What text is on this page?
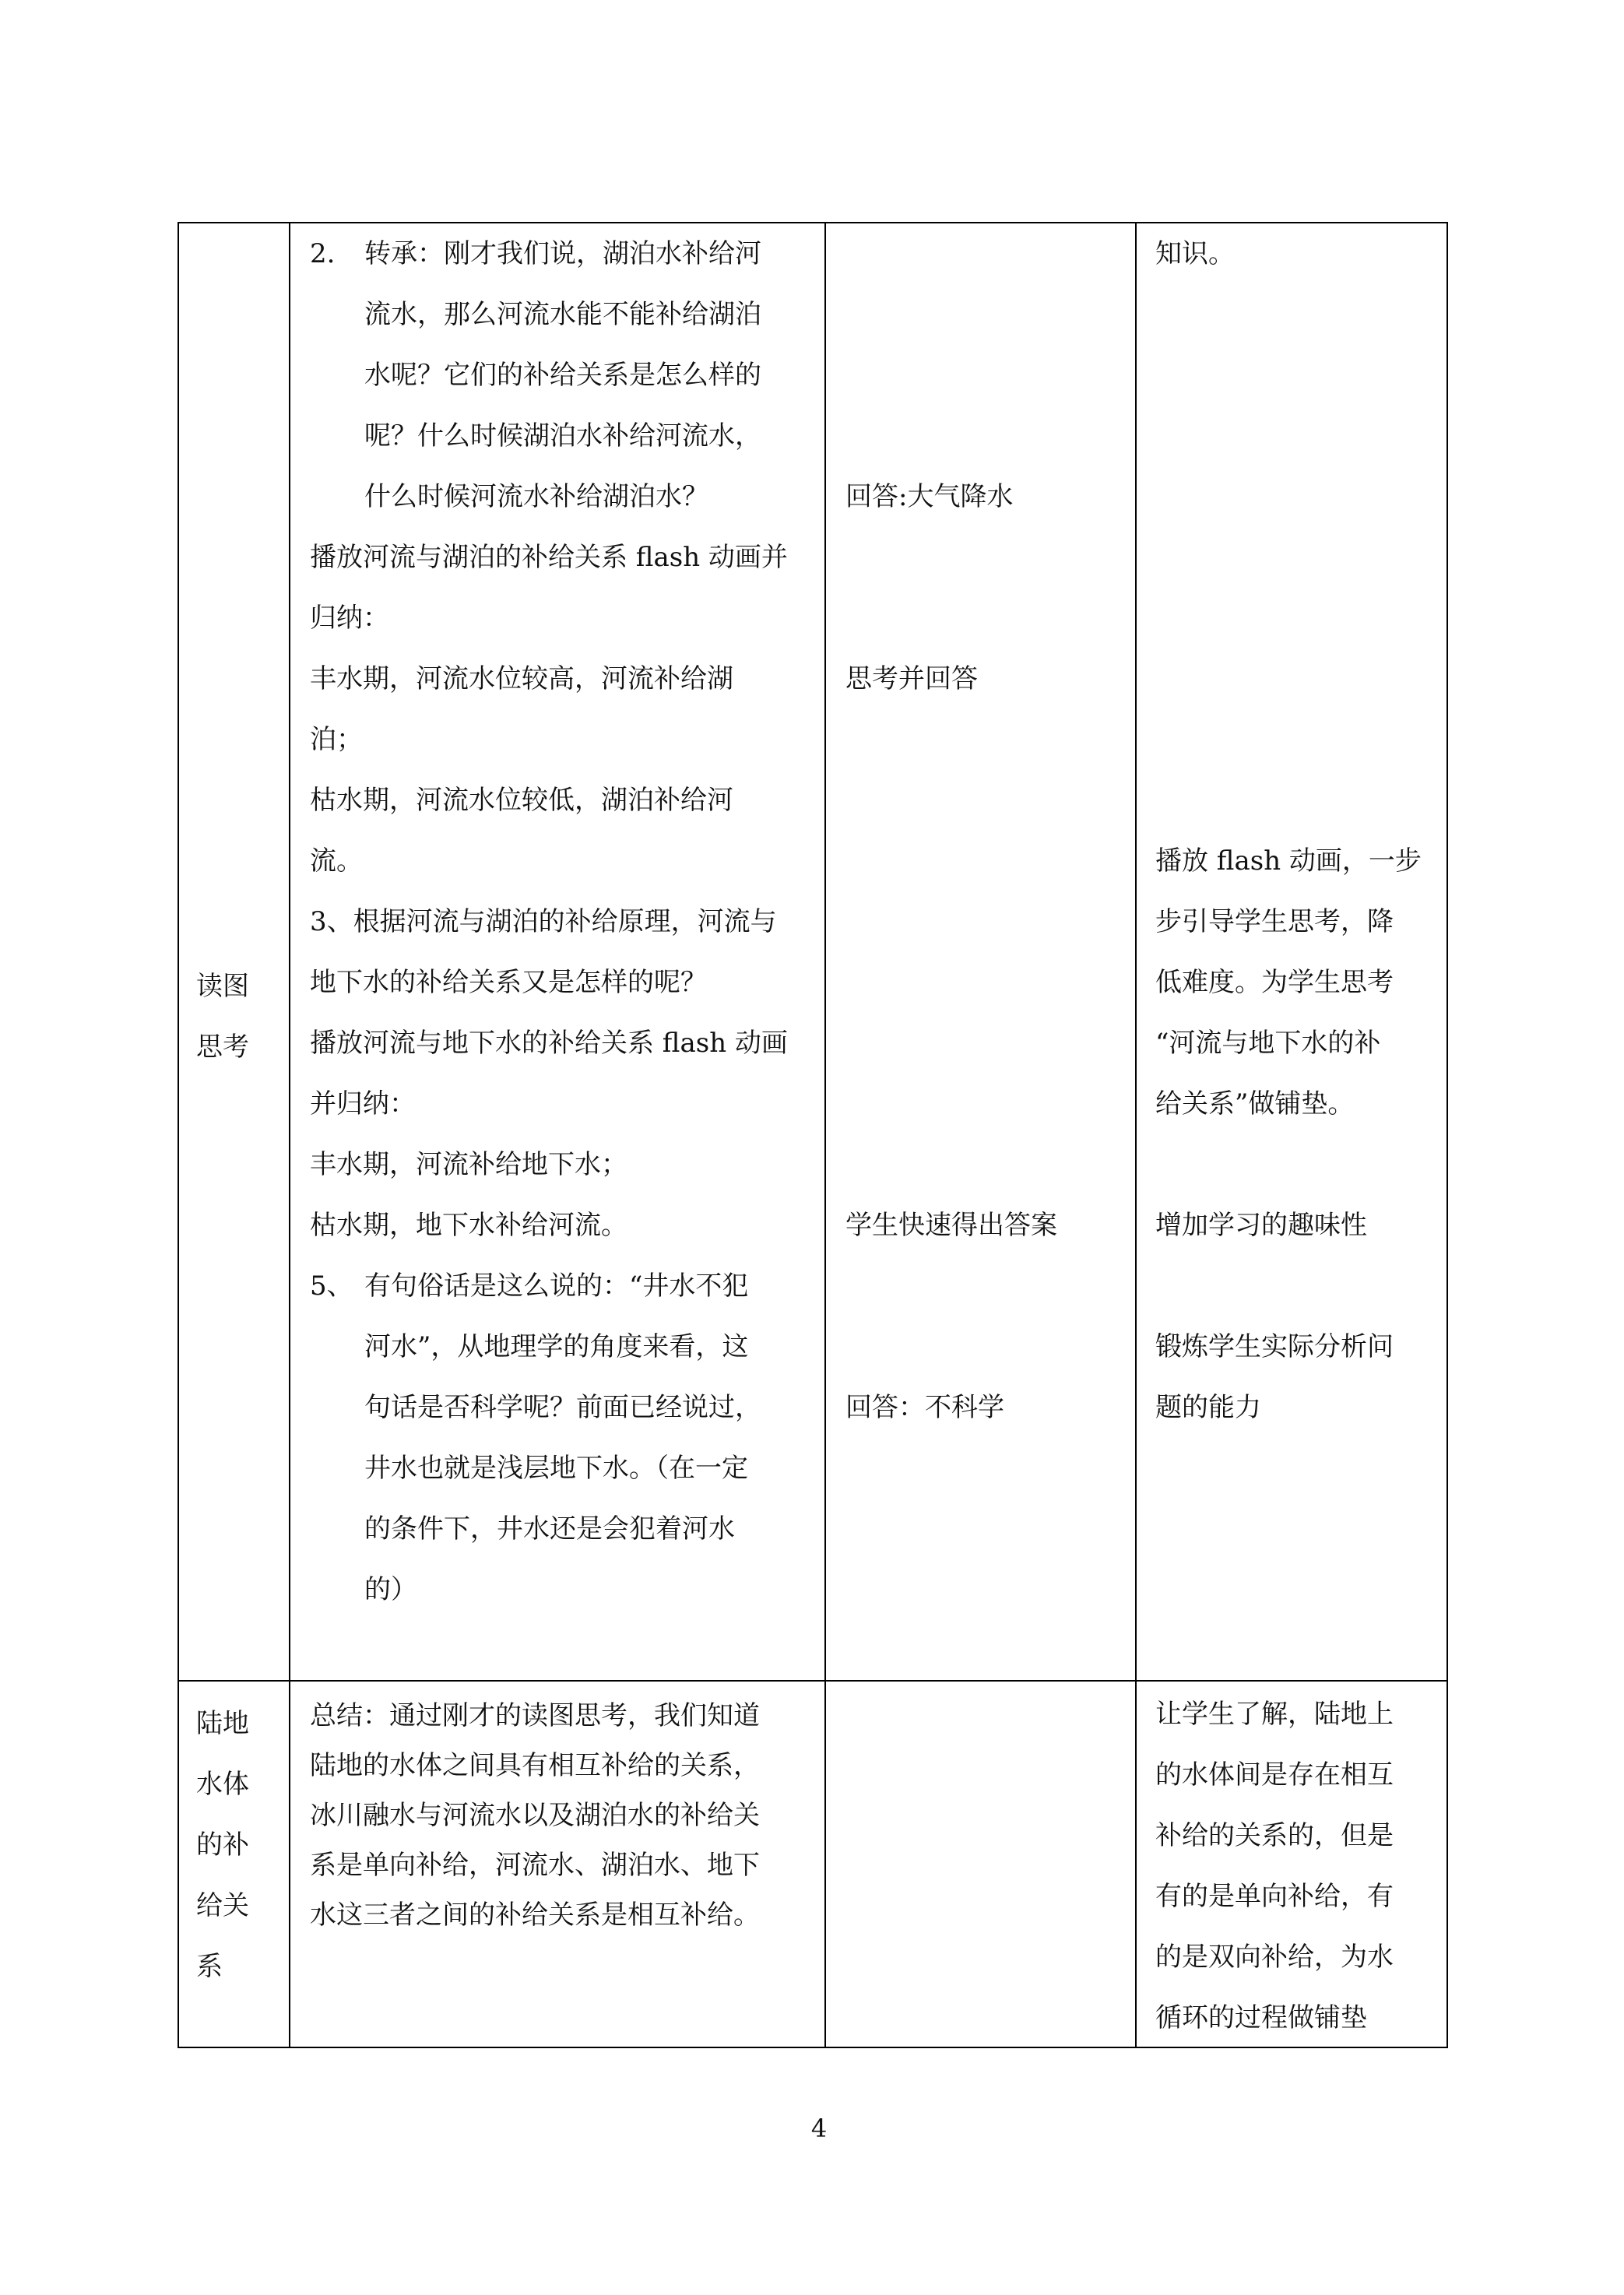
读图
思考
2. 转承：刚才我们说，湖泊水补给河
流水，那么河流水能不能补给湖泊
水呢？它们的补给关系是怎么样的
呢？什么时候湖泊水补给河流水，
什么时候河流水补给湖泊水？
播放河流与湖泊的补给关系 flash 动画并
归纳：
丰水期，河流水位较高，河流补给湖
泊；
枯水期，河流水位较低，湖泊补给河
流。
3、根据河流与湖泊的补给原理，河流与
地下水的补给关系又是怎样的呢？
播放河流与地下水的补给关系 flash 动画
并归纳：
丰水期，河流补给地下水；
枯水期，地下水补给河流。
5、 有句俗话是这么说的：“井水不犯
河水”，从地理学的角度来看，这
句话是否科学呢？前面已经说过，
井水也就是浅层地下水。（在一定
的条件下，井水还是会犯着河水
的）
回答:大气降水
思考并回答
学生快速得出答案
回答：不科学
知识。
播放 flash 动画，一步
步引导学生思考，降
低难度。为学生思考
“河流与地下水的补
给关系”做铺垫。
增加学习的趣味性
锻炼学生实际分析问
题的能力
陆地
水体
的补
给关
系
总结：通过刚才的读图思考，我们知道
陆地的水体之间具有相互补给的关系，
冰川融水与河流水以及湖泊水的补给关
系是单向补给，河流水、湖泊水、地下
水这三者之间的补给关系是相互补给。
让学生了解，陆地上
的水体间是存在相互
补给的关系的，但是
有的是单向补给，有
的是双向补给，为水
循环的过程做铺垫
4
